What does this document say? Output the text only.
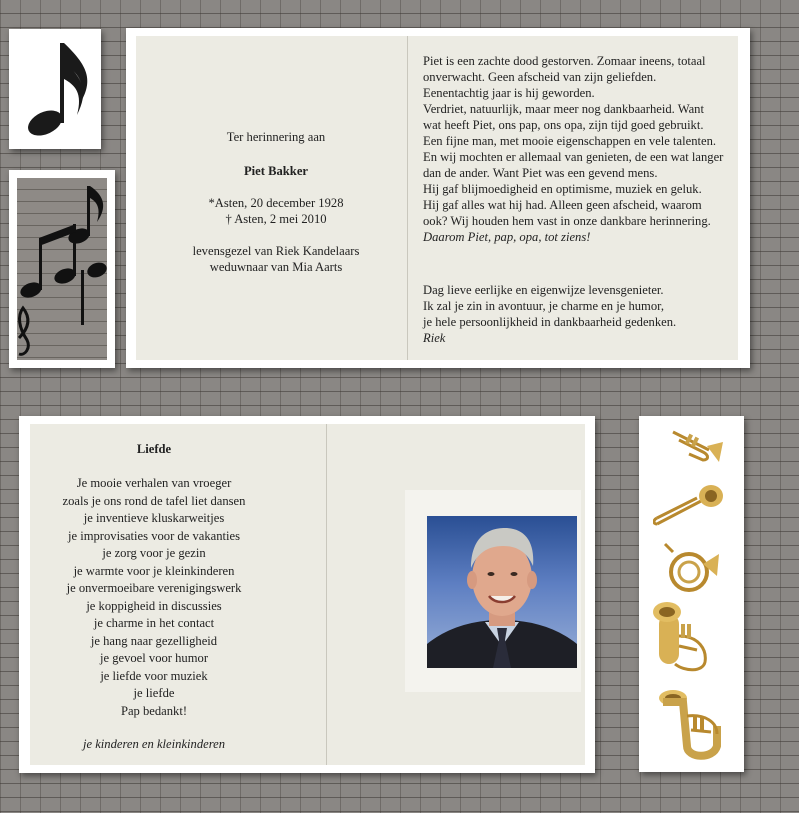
Ter herinnering aan
Piet Bakker
*Asten, 20 december 1928
† Asten, 2 mei 2010
levensgezel van Riek Kandelaars
weduwnaar van Mia Aarts
Piet is een zachte dood gestorven. Zomaar ineens, totaal
onverwacht. Geen afscheid van zijn geliefden.
Eenentachtig jaar is hij geworden.
Verdriet, natuurlijk, maar meer nog dankbaarheid. Want
wat heeft Piet, ons pap, ons opa, zijn tijd goed gebruikt.
Een fijne man, met mooie eigenschappen en vele talenten.
En wij mochten er allemaal van genieten, de een wat langer
dan de ander. Want Piet was een gevend mens.
Hij gaf blijmoedigheid en optimisme, muziek en geluk.
Hij gaf alles wat hij had. Alleen geen afscheid, waarom
ook? Wij houden hem vast in onze dankbare herinnering.
Daarom Piet, pap, opa, tot ziens!
Dag lieve eerlijke en eigenwijze levensgenieter.
Ik zal je zin in avontuur, je charme en je humor,
je hele persoonlijkheid in dankbaarheid gedenken.
Riek
Liefde
Je mooie verhalen van vroeger
zoals je ons rond de tafel liet dansen
je inventieve kluskarweitjes
je improvisaties voor de vakanties
je zorg voor je gezin
je warmte voor je kleinkinderen
je onvermoeibare verenigingswerk
je koppigheid in discussies
je charme in het contact
je hang naar gezelligheid
je gevoel voor humor
je liefde voor muziek
je liefde
Pap bedankt!
je kinderen en kleinkinderen
